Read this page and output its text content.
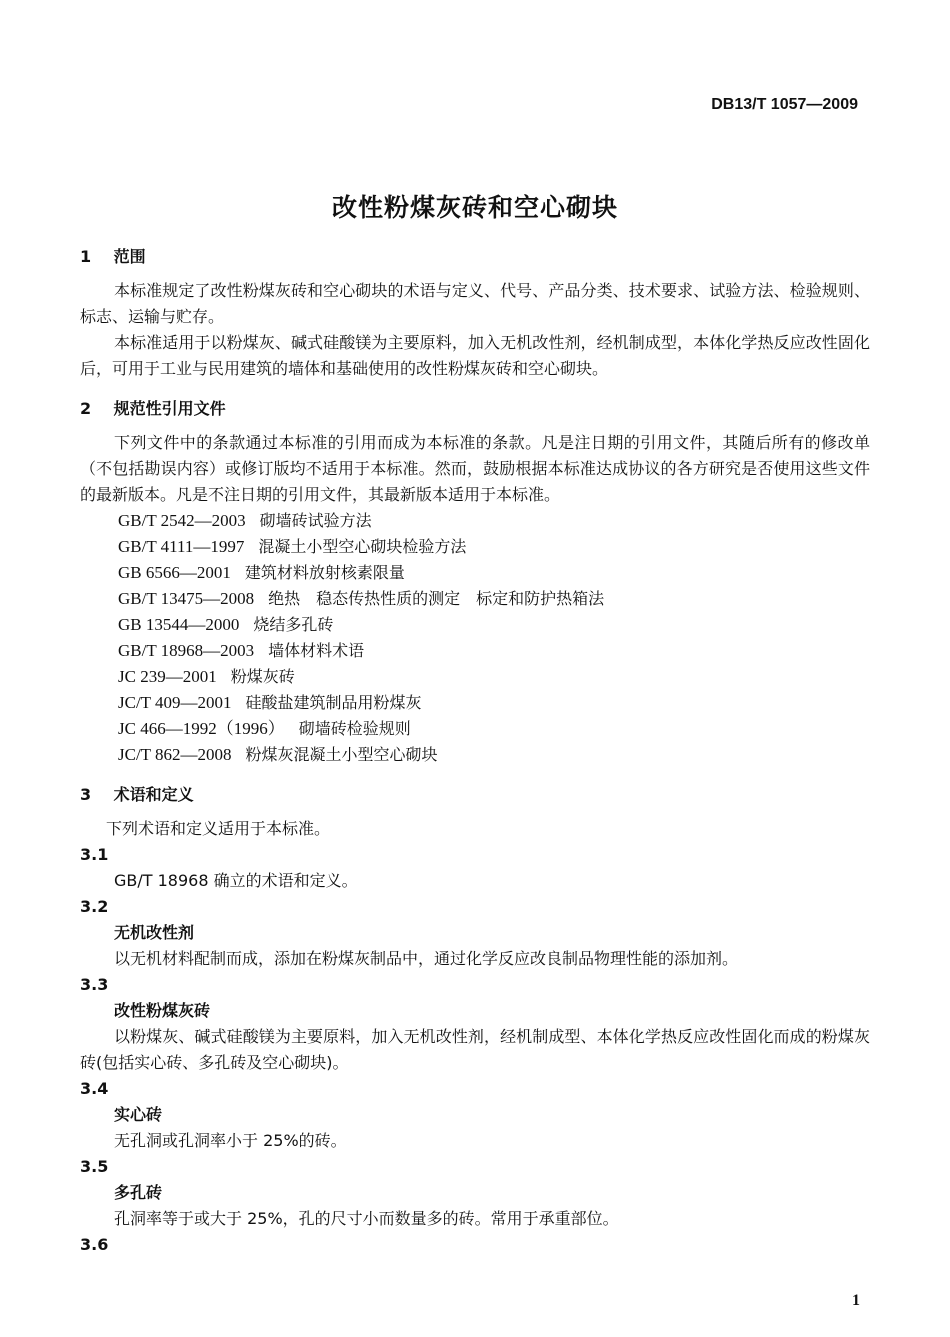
DB13/T 1057—2009
改性粉煤灰砖和空心砌块
1 范围
本标准规定了改性粉煤灰砖和空心砌块的术语与定义、代号、产品分类、技术要求、试验方法、检验规则、标志、运输与贮存。
本标准适用于以粉煤灰、碱式硅酸镁为主要原料，加入无机改性剂，经机制成型，本体化学热反应改性固化后，可用于工业与民用建筑的墙体和基础使用的改性粉煤灰砖和空心砌块。
2 规范性引用文件
下列文件中的条款通过本标准的引用而成为本标准的条款。凡是注日期的引用文件，其随后所有的修改单（不包括勘误内容）或修订版均不适用于本标准。然而，鼓励根据本标准达成协议的各方研究是否使用这些文件的最新版本。凡是不注日期的引用文件，其最新版本适用于本标准。
GB/T 2542—2003 砌墙砖试验方法
GB/T 4111—1997 混凝土小型空心砌块检验方法
GB 6566—2001 建筑材料放射核素限量
GB/T 13475—2008 绝热　稳态传热性质的测定　标定和防护热箱法
GB 13544—2000 烧结多孔砖
GB/T 18968—2003 墙体材料术语
JC 239—2001 粉煤灰砖
JC/T 409—2001 硅酸盐建筑制品用粉煤灰
JC 466—1992（1996） 砌墙砖检验规则
JC/T 862—2008 粉煤灰混凝土小型空心砌块
3 术语和定义
下列术语和定义适用于本标准。
3.1
GB/T 18968 确立的术语和定义。
3.2
无机改性剂
以无机材料配制而成，添加在粉煤灰制品中，通过化学反应改良制品物理性能的添加剂。
3.3
改性粉煤灰砖
以粉煤灰、碱式硅酸镁为主要原料，加入无机改性剂，经机制成型、本体化学热反应改性固化而成的粉煤灰砖(包括实心砖、多孔砖及空心砌块)。
3.4
实心砖
无孔洞或孔洞率小于 25%的砖。
3.5
多孔砖
孔洞率等于或大于 25%，孔的尺寸小而数量多的砖。常用于承重部位。
3.6
1
